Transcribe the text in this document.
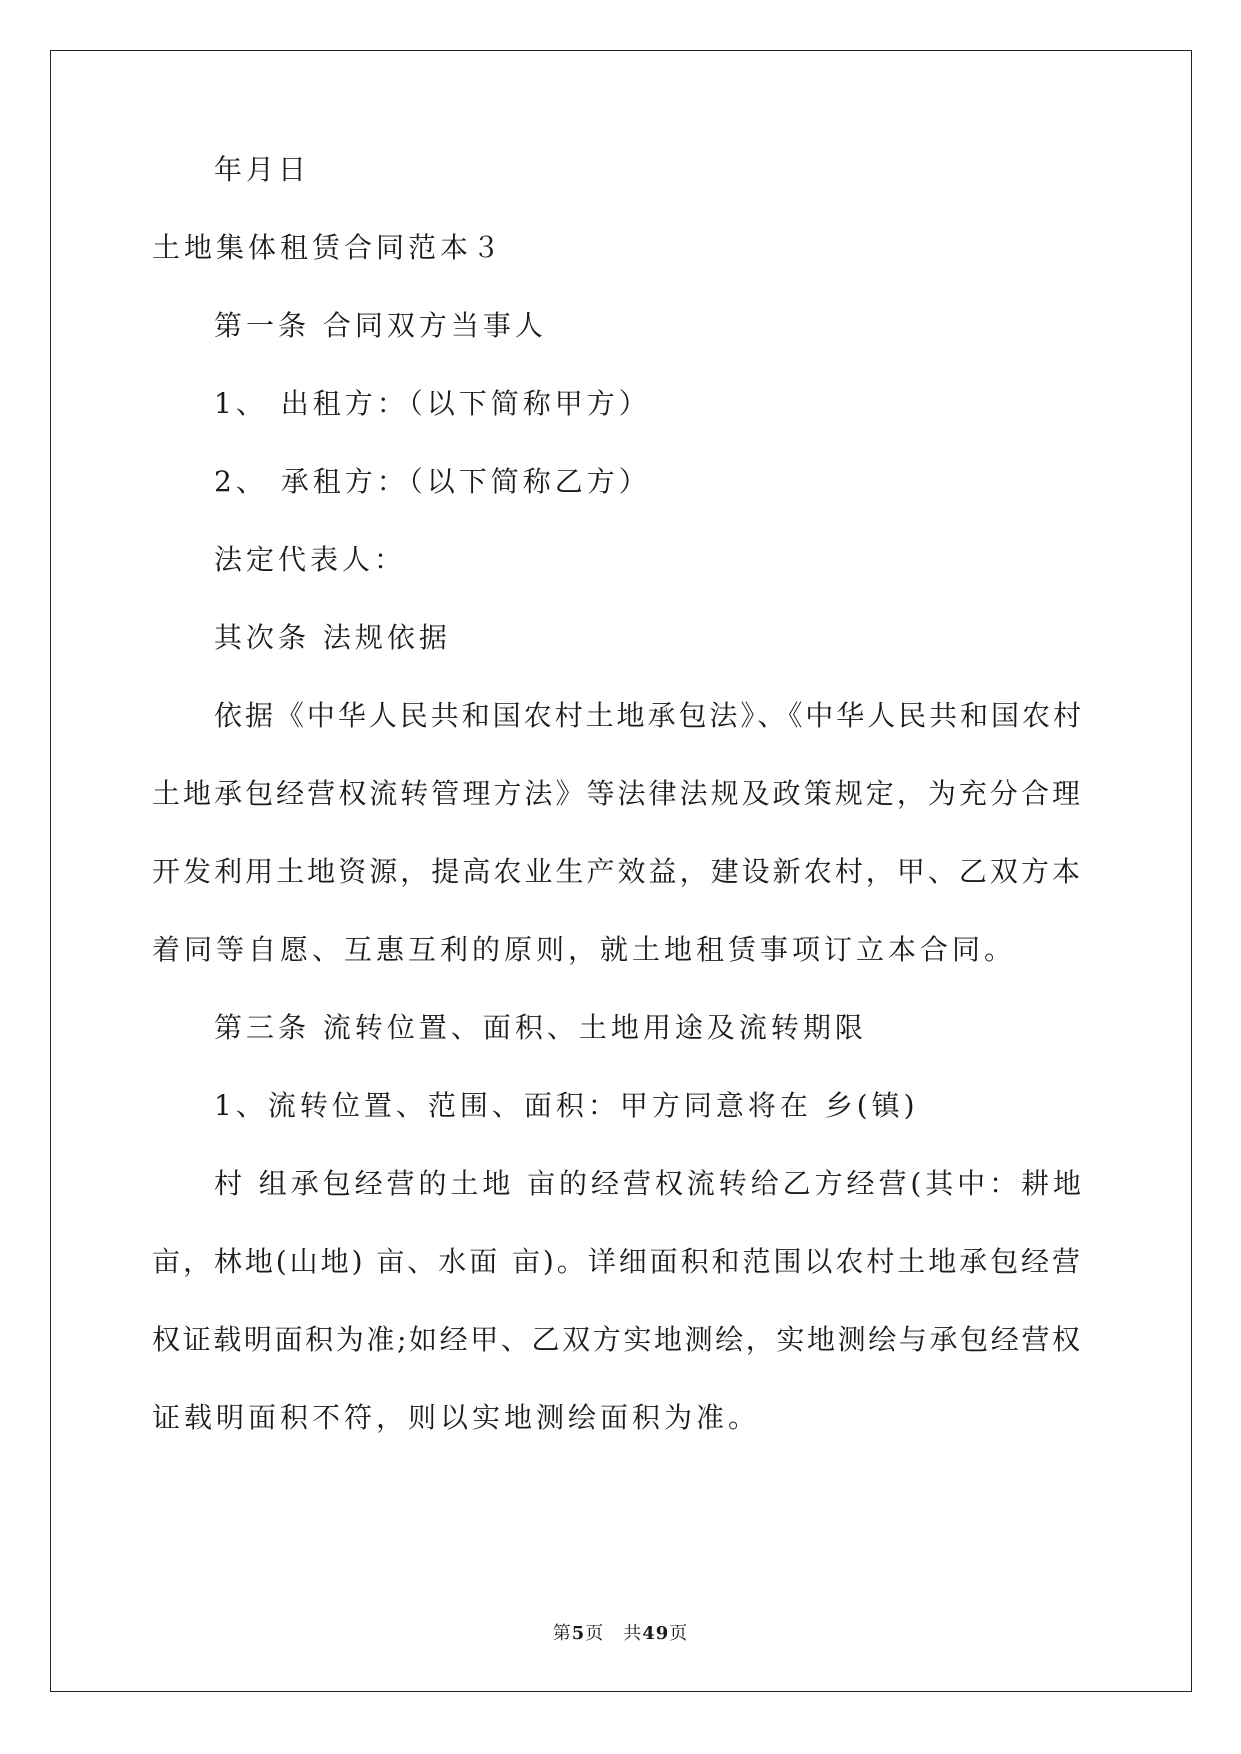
年月日
土地集体租赁合同范本３
第一条 合同双方当事人
1、 出租方：（以下简称甲方）
2、 承租方：（以下简称乙方）
法定代表人：
其次条 法规依据
依据《中华人民共和国农村土地承包法》、《中华人民共和国农村
土地承包经营权流转管理方法》等法律法规及政策规定，为充分合理
开发利用土地资源，提高农业生产效益，建设新农村，甲、乙双方本
着同等自愿、互惠互利的原则，就土地租赁事项订立本合同。
第三条 流转位置、面积、土地用途及流转期限
1、流转位置、范围、面积：甲方同意将在 乡(镇)
村 组承包经营的土地 亩的经营权流转给乙方经营(其中：耕地
亩，林地(山地) 亩、水面 亩)。详细面积和范围以农村土地承包经营
权证载明面积为准;如经甲、乙双方实地测绘，实地测绘与承包经营权
证载明面积不符，则以实地测绘面积为准。
第5页　共49页
